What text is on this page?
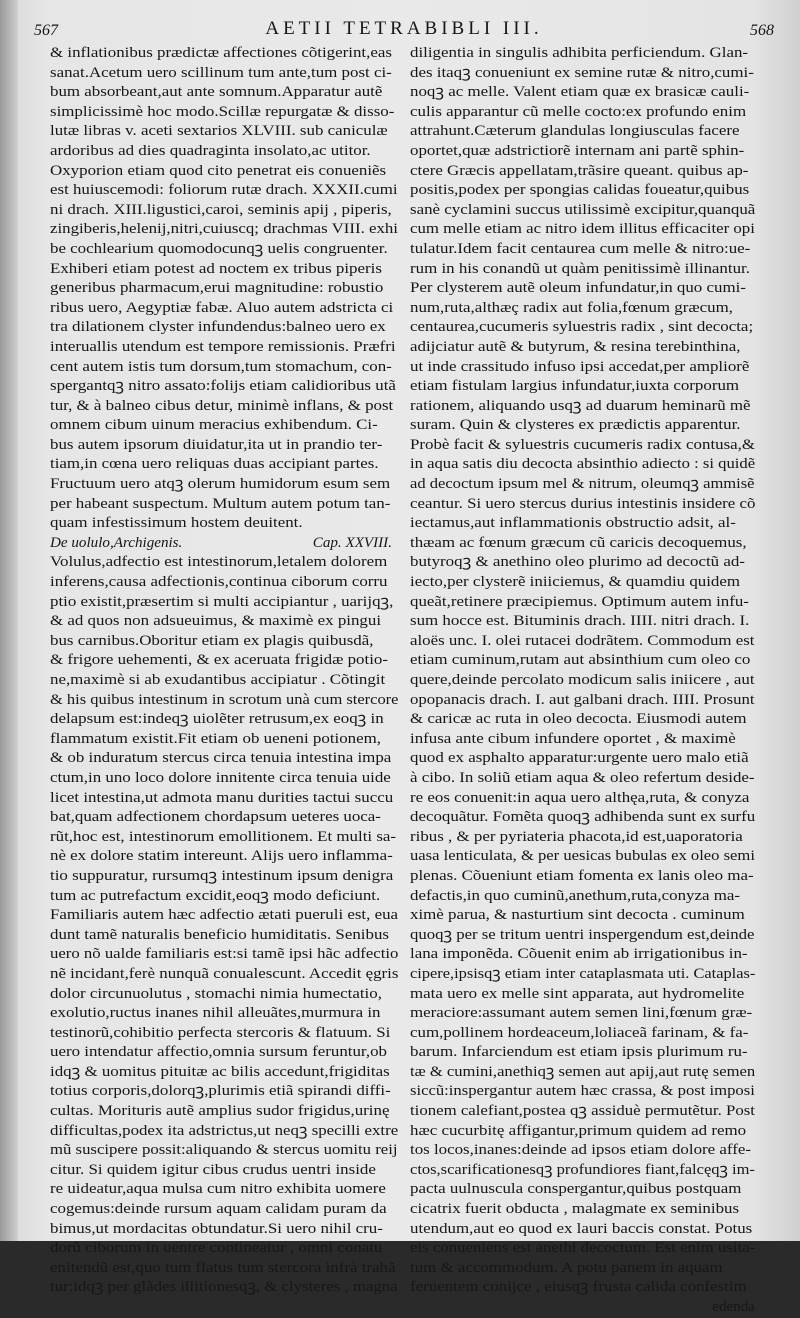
567	AETII TETRABIBLI III.	568
& inflationibus prædictæ affectiones cõtigerint,eas
sanat.Acetum uero scillinum tum ante,tum post ci-
bum absorbeant,aut ante somnum.Apparatur autẽ
simplicissimè hoc modo.Scillæ repurgatæ & disso-
lutæ libras v. aceti sextarios XLVIII. sub caniculæ
ardoribus ad dies quadraginta insolato,ac utitor.
Oxyporion etiam quod cito penetrat eis conueniẽs
est huiuscemodi: foliorum rutæ drach. XXXII.cumi
ni drach. XIII.ligustici,caroi, seminis apij , piperis,
zingiberis,helenij,nitri,cuiuscq; drachmas VIII. exhi
be cochlearium quomodocunqꝫ uelis congruenter.
Exhiberi etiam potest ad noctem ex tribus piperis
generibus pharmacum,erui magnitudine: robustio
ribus uero, Aegyptiæ fabæ. Aluo autem adstricta ci
tra dilationem clyster infundendus:balneo uero ex
interuallis utendum est tempore remissionis. Præfri
cent autem istis tum dorsum,tum stomachum, con-
spergantqꝫ nitro assato:folijs etiam calidioribus utã
tur, & à balneo cibus detur, minimè inflans, & post
omnem cibum uinum meracius exhibendum. Ci-
bus autem ipsorum diuidatur,ita ut in prandio ter-
tiam,in cœna uero reliquas duas accipiant partes.
Fructuum uero atqꝫ olerum humidorum esum sem
per habeant suspectum. Multum autem potum tan-
quam infestissimum hostem deuitent.
De uolulo,Archigenis.	Cap. XXVIII.
Volulus,adfectio est intestinorum,letalem dolorem
inferens,causa adfectionis,continua ciborum corru
ptio existit,præsertim si multi accipiantur , uarijqꝫ,
& ad quos non adsueuimus, & maximè ex pingui
bus carnibus.Oboritur etiam ex plagis quibusdã,
& frigore uehementi, & ex aceruata frigidæ potio-
ne,maximè si ab exudantibus accipiatur . Cõtingit
& his quibus intestinum in scrotum unà cum stercore
delapsum est:indeqꝫ uiolẽter retrusum,ex eoqꝫ in
flammatum existit.Fit etiam ob ueneni potionem,
& ob induratum stercus circa tenuia intestina impa
ctum,in uno loco dolore innitente circa tenuia uide
licet intestina,ut admota manu durities tactui succu
bat,quam adfectionem chordapsum ueteres uoca-
rũt,hoc est, intestinorum emollitionem. Et multi sa-
nè ex dolore statim intereunt. Alijs uero inflamma-
tio suppuratur, rursumqꝫ intestinum ipsum denigra
tum ac putrefactum excidit,eoqꝫ modo deficiunt.
Familiaris autem hæc adfectio ætati pueruli est, eua
dunt tamẽ naturalis beneficio humiditatis. Senibus
uero nõ ualde familiaris est:si tamẽ ipsi hãc adfectio
nẽ incidant,ferè nunquã conualescunt. Accedit ęgris
dolor circunuolutus , stomachi nimia humectatio,
exolutio,ructus inanes nihil alleuãtes,murmura in
testinorũ,cohibitio perfecta stercoris & flatuum. Si
uero intendatur affectio,omnia sursum feruntur,ob
idqꝫ & uomitus pituitæ ac bilis accedunt,frigiditas
totius corporis,dolorqꝫ,plurimis etiã spirandi diffi-
cultas. Morituris autẽ amplius sudor frigidus,urinę
difficultas,podex ita adstrictus,ut neqꝫ specilli extre
mũ suscipere possit:aliquando & stercus uomitu reij
citur. Si quidem igitur cibus crudus uentri inside
re uideatur,aqua mulsa cum nitro exhibita uomere
cogemus:deinde rursum aquam calidam puram da
bimus,ut mordacitas obtundatur.Si uero nihil cru-
dorũ ciborum in uentre contineatur , omni conatu
enitendũ est,quo tum flatus tum stercora infrà trahã
tur:idqꝫ per glãdes illitionesqꝫ, & clysteres , magna
diligentia in singulis adhibita perficiendum. Glan-
des itaqꝫ conueniunt ex semine rutæ & nitro,cumi-
noqꝫ ac melle. Valent etiam quæ ex brasicæ cauli-
culis apparantur cũ melle coctο:ex profundo enim
attrahunt.Cæterum glandulas longiusculas facere
oportet,quæ adstrictiorẽ internam ani partẽ sphin-
ctere Græcis appellatam,trãsire queant. quibus ap-
positis,podex per spongias calidas foueatur,quibus
sanè cyclamini succus utilissimè excipitur,quanquã
cum melle etiam ac nitro idem illitus efficaciter opi
tulatur.Idem facit centaurea cum melle & nitro:ue-
rum in his conandũ ut quàm penitissimè illinantur.
Per clysterem autẽ oleum infundatur,in quo cumi-
num,ruta,althæç radix aut folia,fœnum græcum,
centaurea,cucumeris syluestris radix , sint decocta;
adijciatur autẽ & butyrum, & resina terebinthina,
ut inde crassitudo infuso ipsi accedat,per ampliorẽ
etiam fistulam largius infundatur,iuxta corporum
rationem, aliquando usqꝫ ad duarum heminarũ mẽ
suram. Quin & clysteres ex prædictis apparentur.
Probè facit & syluestris cucumeris radix contusa,&
in aqua satis diu decocta absinthio adiecto : si quidẽ
ad decoctum ipsum mel & nitrum, oleumqꝫ ammisẽ
ceantur. Si uero stercus durius intestinis insidere cõ
iectamus,aut inflammationis obstructio adsit, al-
thæam ac fœnum græcum cũ caricis decoquemus,
butyroqꝫ & anethino oleo plurimo ad decoctũ ad-
iecto,per clysterẽ iniiciemus, & quamdiu quidem
queãt,retinere præcipiemus. Optimum autem infu-
sum hocce est. Bituminis drach. IIII. nitri drach. I.
aloës unc. I. olei rutacei dodrãtem. Commodum est
etiam cuminum,rutam aut absinthium cum oleo co
quere,deinde percolato modicum salis iniicere , aut
opopanacis drach. I. aut galbani drach. IIII. Prosunt
& caricæ ac ruta in oleo decocta. Eiusmodi autem
infusa ante cibum infundere oportet , & maximè
quod ex asphalto apparatur:urgente uero malo etiã
à cibo. In soliũ etiam aqua & oleo refertum deside-
re eos conuenit:in aqua uero althęa,ruta, & conyza
decoquãtur. Fomẽta quoqꝫ adhibenda sunt ex surfu
ribus , & per pyriateria phacota,id est,uaporatoria
uasa lenticulata, & per uesicas bubulas ex oleo semi
plenas. Cõueniunt etiam fomenta ex lanis oleo ma-
defactis,in quo cuminũ,anethum,ruta,conyza ma-
ximè parua, & nasturtium sint decocta . cuminum
quoqꝫ per se tritum uentri inspergendum est,deinde
lana imponẽda. Cõuenit enim ab irrigationibus in-
cipere,ipsisqꝫ etiam inter cataplasmata uti. Cataplas-
mata uero ex melle sint apparata, aut hydromelite
meraciore:assumant autem semen lini,fœnum græ-
cum,pollinem hordeaceum,loliaceã farinam, & fa-
barum. Infarciendum est etiam ipsis plurimum ru-
tæ & cumini,anethiqꝫ semen aut apij,aut rutę semen
siccũ:inspergantur autem hæc crassa, & post imposi
tionem calefiant,postea qꝫ assiduè permutẽtur. Post
hæc cucurbitę affigantur,primum quidem ad remo
tos locos,inanes:deinde ad ipsos etiam dolore affe-
ctos,scarificationesqꝫ profundiores fiant,falcęqꝫ im-
pacta uulnuscula conspergantur,quibus postquam
cicatrix fuerit obducta , malagmate ex seminibus
utendum,aut eo quod ex lauri baccis constat. Potus
eis conueniens est anethi decoctum. Est enim usita-
tum & accommodum. A potu panem in aquam
feruentem conijce , eiusqꝫ frusta calida confestim
edenda
